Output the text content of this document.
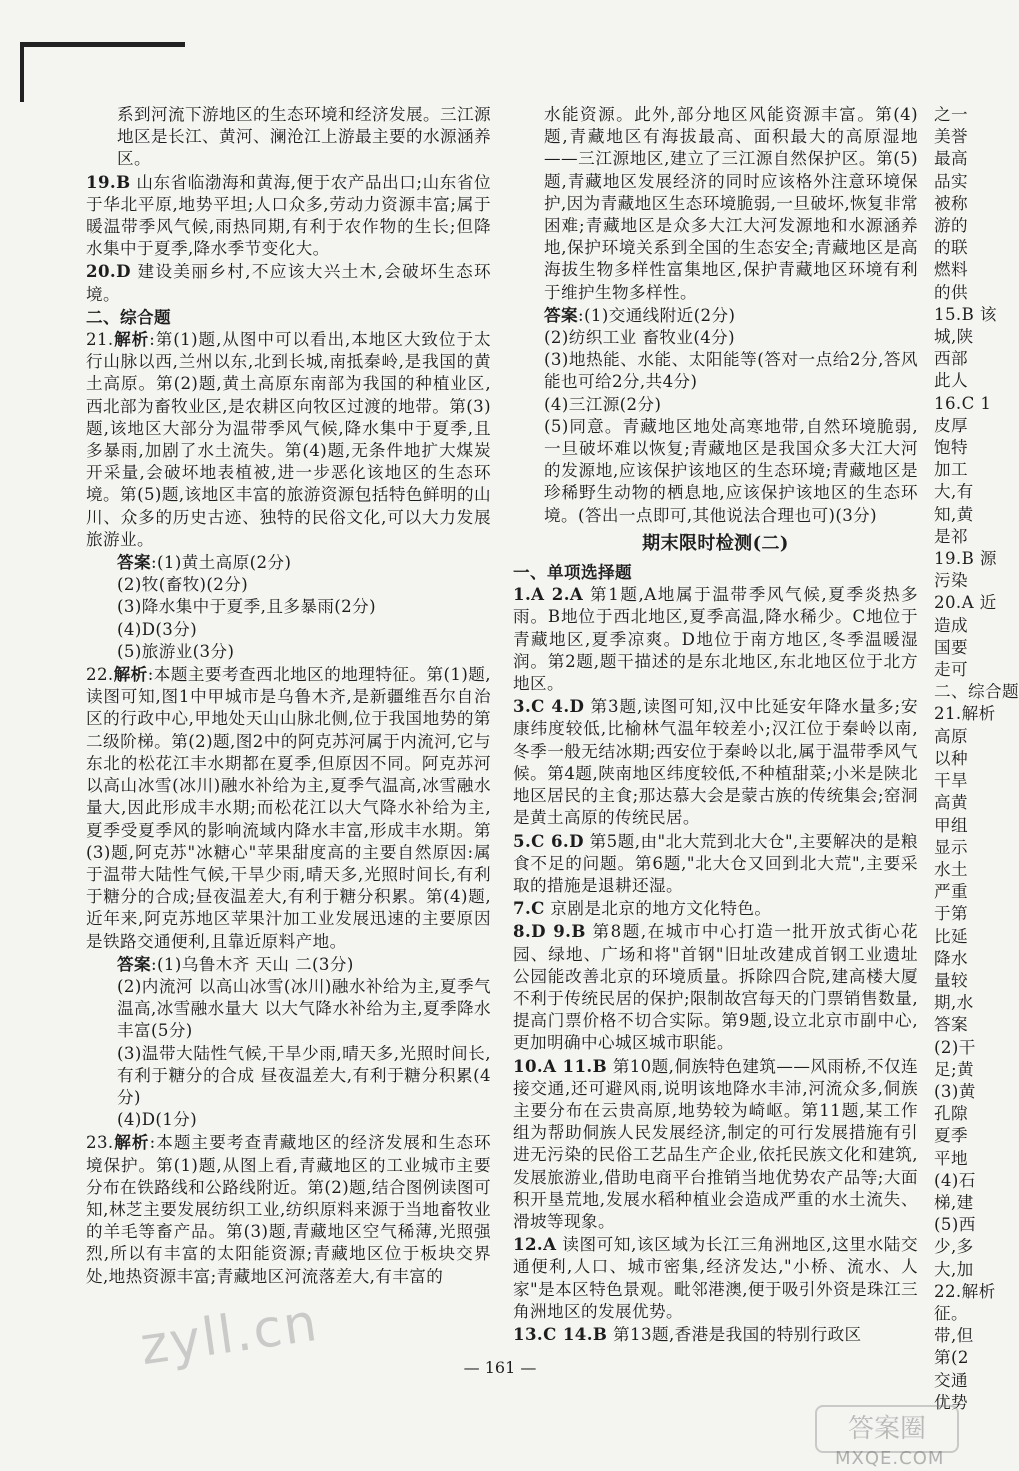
系到河流下游地区的生态环境和经济发展。三江源地区是长江、黄河、澜沧江上游最主要的水源涵养区。

19.B 山东省临渤海和黄海,便于农产品出口;山东省位于华北平原,地势平坦;人口众多,劳动力资源丰富;属于暖温带季风气候,雨热同期,有利于农作物的生长;但降水集中于夏季,降水季节变化大。

20.D 建设美丽乡村,不应该大兴土木,会破坏生态环境。

二、综合题

21.解析:第(1)题,从图中可以看出,本地区大致位于太行山脉以西,兰州以东,北到长城,南抵秦岭,是我国的黄土高原。第(2)题,黄土高原东南部为我国的种植业区,西北部为畜牧业区,是农耕区向牧区过渡的地带。第(3)题,该地区大部分为温带季风气候,降水集中于夏季,且多暴雨,加剧了水土流失。第(4)题,无条件地扩大煤炭开采量,会破坏地表植被,进一步恶化该地区的生态环境。第(5)题,该地区丰富的旅游资源包括特色鲜明的山川、众多的历史古迹、独特的民俗文化,可以大力发展旅游业。

答案:(1)黄土高原(2分)
(2)牧(畜牧)(2分)
(3)降水集中于夏季,且多暴雨(2分)
(4)D(3分)
(5)旅游业(3分)

22.解析:本题主要考查西北地区的地理特征。第(1)题,读图可知,图1中甲城市是乌鲁木齐,是新疆维吾尔自治区的行政中心,甲地处天山山脉北侧,位于我国地势的第二级阶梯。第(2)题,图2中的阿克苏河属于内流河,它与东北的松花江丰水期都在夏季,但原因不同。阿克苏河以高山冰雪(冰川)融水补给为主,夏季气温高,冰雪融水量大,因此形成丰水期;而松花江以大气降水补给为主,夏季受夏季风的影响流域内降水丰富,形成丰水期。第(3)题,阿克苏"冰糖心"苹果甜度高的主要自然原因:属于温带大陆性气候,干旱少雨,晴天多,光照时间长,有利于糖分的合成;昼夜温差大,有利于糖分积累。第(4)题,近年来,阿克苏地区苹果汁加工业发展迅速的主要原因是铁路交通便利,且靠近原料产地。

答案:(1)乌鲁木齐 天山 二(3分)
(2)内流河 以高山冰雪(冰川)融水补给为主,夏季气温高,冰雪融水量大 以大气降水补给为主,夏季降水丰富(5分)
(3)温带大陆性气候,干旱少雨,晴天多,光照时间长,有利于糖分的合成 昼夜温差大,有利于糖分积累(4分)
(4)D(1分)

23.解析:本题主要考查青藏地区的经济发展和生态环境保护。第(1)题,从图上看,青藏地区的工业城市主要分布在铁路线和公路线附近。第(2)题,结合图例读图可知,林芝主要发展纺织工业,纺织原料来源于当地畜牧业的羊毛等畜产品。第(3)题,青藏地区空气稀薄,光照强烈,所以有丰富的太阳能资源;青藏地区位于板块交界处,地热资源丰富;青藏地区河流落差大,有丰富的

水能资源。此外,部分地区风能资源丰富。第(4)题,青藏地区有海拔最高、面积最大的高原湿地——三江源地区,建立了三江源自然保护区。第(5)题,青藏地区发展经济的同时应该格外注意环境保护,因为青藏地区生态环境脆弱,一旦破坏,恢复非常困难;青藏地区是众多大江大河发源地和水源涵养地,保护环境关系到全国的生态安全;青藏地区是高海拔生物多样性富集地区,保护青藏地区环境有利于维护生物多样性。

答案:(1)交通线附近(2分)
(2)纺织工业 畜牧业(4分)
(3)地热能、水能、太阳能等(答对一点给2分,答风能也可给2分,共4分)
(4)三江源(2分)
(5)同意。青藏地区地处高寒地带,自然环境脆弱,一旦破坏难以恢复;青藏地区是我国众多大江大河的发源地,应该保护该地区的生态环境;青藏地区是珍稀野生动物的栖息地,应该保护该地区的生态环境。(答出一点即可,其他说法合理也可)(3分)
期末限时检测(二)

一、单项选择题

1.A 2.A 第1题,A地属于温带季风气候,夏季炎热多雨。B地位于西北地区,夏季高温,降水稀少。C地位于青藏地区,夏季凉爽。D地位于南方地区,冬季温暖湿润。第2题,题干描述的是东北地区,东北地区位于北方地区。

3.C 4.D 第3题,读图可知,汉中比延安年降水量多;安康纬度较低,比榆林气温年较差小;汉江位于秦岭以南,冬季一般无结冰期;西安位于秦岭以北,属于温带季风气候。第4题,陕南地区纬度较低,不种植甜菜;小米是陕北地区居民的主食;那达慕大会是蒙古族的传统集会;窑洞是黄土高原的传统民居。

5.C 6.D 第5题,由"北大荒到北大仓",主要解决的是粮食不足的问题。第6题,"北大仓又回到北大荒",主要采取的措施是退耕还湿。

7.C 京剧是北京的地方文化特色。

8.D 9.B 第8题,在城市中心打造一批开放式街心花园、绿地、广场和将"首钢"旧址改建成首钢工业遗址公园能改善北京的环境质量。拆除四合院,建高楼大厦不利于传统民居的保护;限制故宫每天的门票销售数量,提高门票价格不切合实际。第9题,设立北京市副中心,更加明确中心城区城市职能。

10.A 11.B 第10题,侗族特色建筑——风雨桥,不仅连接交通,还可避风雨,说明该地降水丰沛,河流众多,侗族主要分布在云贵高原,地势较为崎岖。第11题,某工作组为帮助侗族人民发展经济,制定的可行发展措施有引进无污染的民俗工艺品生产企业,依托民族文化和建筑,发展旅游业,借助电商平台推销当地优势农产品等;大面积开垦荒地,发展水稻种植业会造成严重的水土流失、滑坡等现象。

12.A 读图可知,该区域为长江三角洲地区,这里水陆交通便利,人口、城市密集,经济发达,"小桥、流水、人家"是本区特色景观。毗邻港澳,便于吸引外资是珠江三角洲地区的发展优势。

13.C 14.B 第13题,香港是我国的特别行政区

之一
美誉
最高
品实
被称
游的
的联
燃料
的供
15.B 该
城,陕
西部
此人
16.C 1
皮厚
饱特
加工
大,有
知,黄
是祁
19.B 源
污染
20.A 近
造成
国要
走可
二、综合题
21.解析
高原
以种
干旱
高黄
甲组
显示
水土
严重
于第
比延
降水
量较
期,水
答案
(2)干
足;黄
(3)黄
孔隙
夏季
平地
(4)石
梯,建
(5)西
少,多
大,加
22.解析
征。
带,但
第(2
交通
优势
— 161 —
zyll.cn
答案圈
MXQE.COM
